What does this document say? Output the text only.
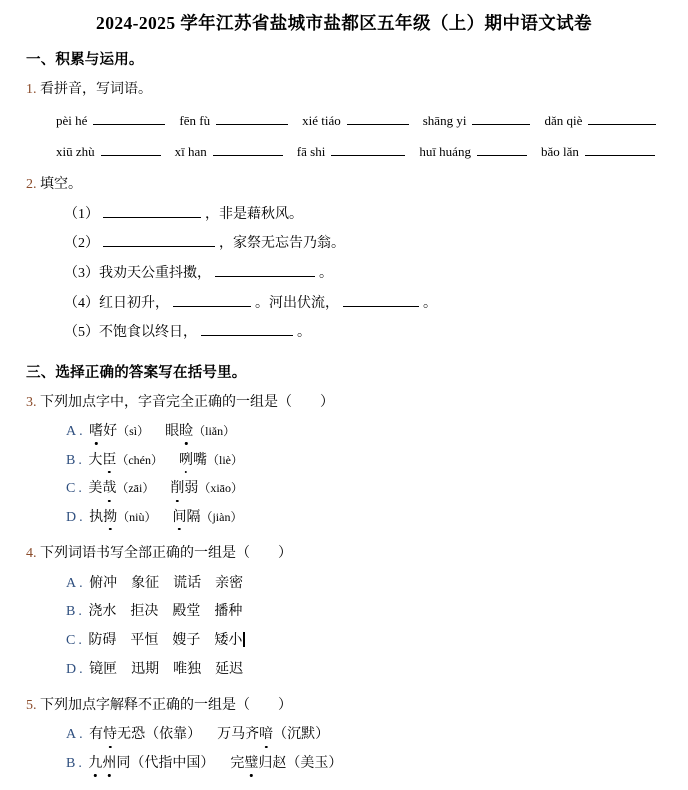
2024-2025 学年江苏省盐城市盐都区五年级（上）期中语文试卷
一、积累与运用。
1. 看拼音，写词语。
pèi hé	fēn fù	xié tiáo	shāng yi	dǎn qiè
xiū zhù	xī han	fā shi	huī huáng	bǎo lǎn
2. 填空。
（1）	，非是藉秋风。
（2）	，家祭无忘告乃翁。
（3）我劝天公重抖擞，	。
（4）红日初升，	。河出伏流，	。
（5）不饱食以终日，	。
三、选择正确的答案写在括号里。
3. 下列加点字中，字音完全正确的一组是（　　）
A . 嗜好（sì） 眼睑（liǎn）
B . 大臣（chén） 咧嘴（liè）
C . 美哉（zāi） 削弱（xiāo）
D . 执拗（niù） 间隔（jiàn）
4. 下列词语书写全部正确的一组是（　　）
A . 俯冲　象征　谎话　亲密
B . 浇水　拒决　殿堂　播种
C . 防碍　平恒　嫂子　矮小
D . 镜匣　迅期　唯独　延迟
5. 下列加点字解释不正确的一组是（　　）
A . 有恃无恐（依靠） 万马齐喑（沉默）
B . 九州同（代指中国） 完璧归赵（美玉）
